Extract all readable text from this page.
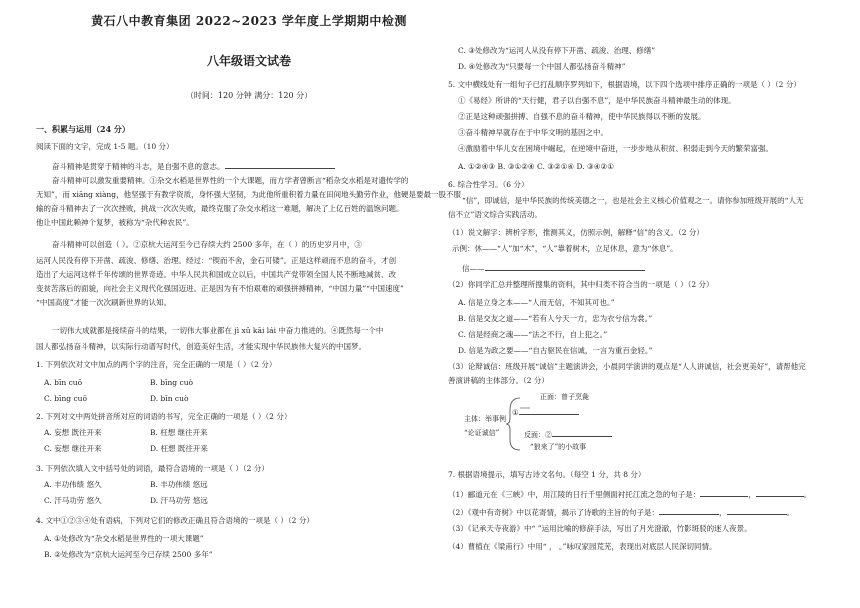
黄石八中教育集团 2022~2023 学年度上学期期中检测
八年级语文试卷
（时间：120 分钟 满分：120 分）
一、积累与运用（24 分）
阅读下面的文字，完成 1-5 题。（10 分）
奋斗精神是贯穿于精神的斗志，是自强不息的意志。
奋斗精神可以激发重要精神。①杂交水稻是世界性的一个大课题，而方学者曾断言“稻杂交水稻是对遗传学的
无知”，而 xiāng xiàng，他坚强于有教学资质，身怀强大坚韧，为此他所重积着力量在田间地头勤劳作业，他硬是要最一股不服
输的奋斗精神去了一次次挫败，挑战一次次失败，最终克服了杂交水稻这一难题，解决了上亿百姓的温饱问题。
他让中国此赖神个复梦，被称为“杂代种农民”。
奋斗精神可以创造（ ）。②京杭大运河至今已存续大约 2500 多年，在（ ）的历史岁月中，③
运河人民没有停下开凿、疏浚、修缮、治理。经过：“锲而不舍，金石可镂”。正是这样顽而不息的奋斗，才创
造出了大运河这样千年传颂的世界奇迹。中华人民共和国成立以后，中国共产党带领全国人民不断地减贫、改
变贫苦落后的面貌，向社会主义现代化强国迈进。正是因为有不怕艰难的顽强拼搏精神，“中国力量”“中国速度”
“中国高度”才能一次次刷新世界的认知。
一切伟大成就都是接续奋斗的结果，一切伟大事业都在 jì xǔ kāi lái 中奋力推进的。④既然每一个中
国人都弘扬奋斗精神，以实际行动谱写时代，创造美好生活，才能实现中华民族伟大复兴的中国梦。
1. 下列依次对文中加点的两个字的注音，完全正确的一项是（ ）（2 分）
A. bīn cuō	B. bīng cuò
C. bīng cuō	D. bīn cuò
2. 下列对文中两处拼音所对应的词语的书写，完全正确的一项是（ ）（2 分）
A. 妄想 既往开来	B. 枉想 继往开来
C. 妄想 继往开来	D. 枉想 既往开来
3. 下列依次填入文中括号处的词语，最符合语境的一项是（ ）（2 分）
A. 丰功伟绩 悠久	B. 丰功伟绩 悠远
C. 汗马功劳 悠久	D. 汗马功劳 悠远
4. 文中①②③④处有语病，下列对它们的修改正确且符合语境的一项是（ ）（2 分）
A. ①处修改为“杂交水稻是世界性的一项大课题”
B. ②处修改为“京杭大运河至今已存续 2500 多年”
C. ③处修改为“运河人从没有停下开凿、疏浚、治理、修缮”
D. ④处修改为“只要每一个中国人都弘扬奋斗精神”
5. 文中横线处有一组句子已打乱顺序罗列如下，根据语境，以下四个选项中排序正确的一项是（ ）（2 分）
①《易经》所讲的“天行健，君子以自强不息”，是中华民族奋斗精神最生动的体现。
②正是这种顽强拼搏、自强不息的奋斗精神，使中华民族得以不断的发展。
③奋斗精神早就存在于中华文明的基因之中。
④激励着中华儿女在困境中崛起，在逆境中奋进，一步步地从积贫、积弱走到今天的繁荣富强。
A. ①②④③ B. ③①②④ C. ③②①④ D. ③④②①
6. 综合性学习。（6 分）
“信”，即诚信，是中华民族的传统美德之一，也是社会主义核心价值观之一。请你参加班级开展的“人无
信不立”语文综合实践活动。
（1）说文解字：辨析字形，推测其义，仿照示例，解释“信”的含义。（2 分）
示例：休——“人”加“木”，“人”靠着树木，立足休息，意为“休息”。
信——
（2）你同学汇总并整理所搜集的资料，其中归类不符合当的一项是（ ）（2 分）
A. 信是立身之本——“人而无信，不知其可也。”
B. 信是交友之道——“若有人兮天一方，忠为衣兮信为裳。”
C. 信是经商之魂——“法之不行，自上犯之。”
D. 信是为政之要——“自古驱民在信诚，一言为重百金轻。”
（3）论辩诚信：班级开展“诚信”主题演讲会，小晨同学演讲的观点是“人人讲诚信，社会更美好”，请帮他完
善演讲稿的主体部分。（2 分）
正面：曾子烹彘
①
主体：举事例
“论证诚信”	反面：②
“狼来了”的小故事
7. 根据语境提示，填写古诗文名句。（每空 1 分，共 8 分）
（1）郦道元在《三峡》中，用江陵的日行千里侧面衬托江流之急的句子是：	，	。
（2）《观中有奇树》中以花寄情，揭示了诗歌的主旨的句子是：	，	。
（3）《记承天寺夜游》中“ ”运用比喻的修辞手法，写出了月光澄澈，竹影斑驳的迷人夜景。
（4）曹植在《梁甫行》中用“ ， 。”咏叹家园荒芜，表现出对底层人民深切同情。
